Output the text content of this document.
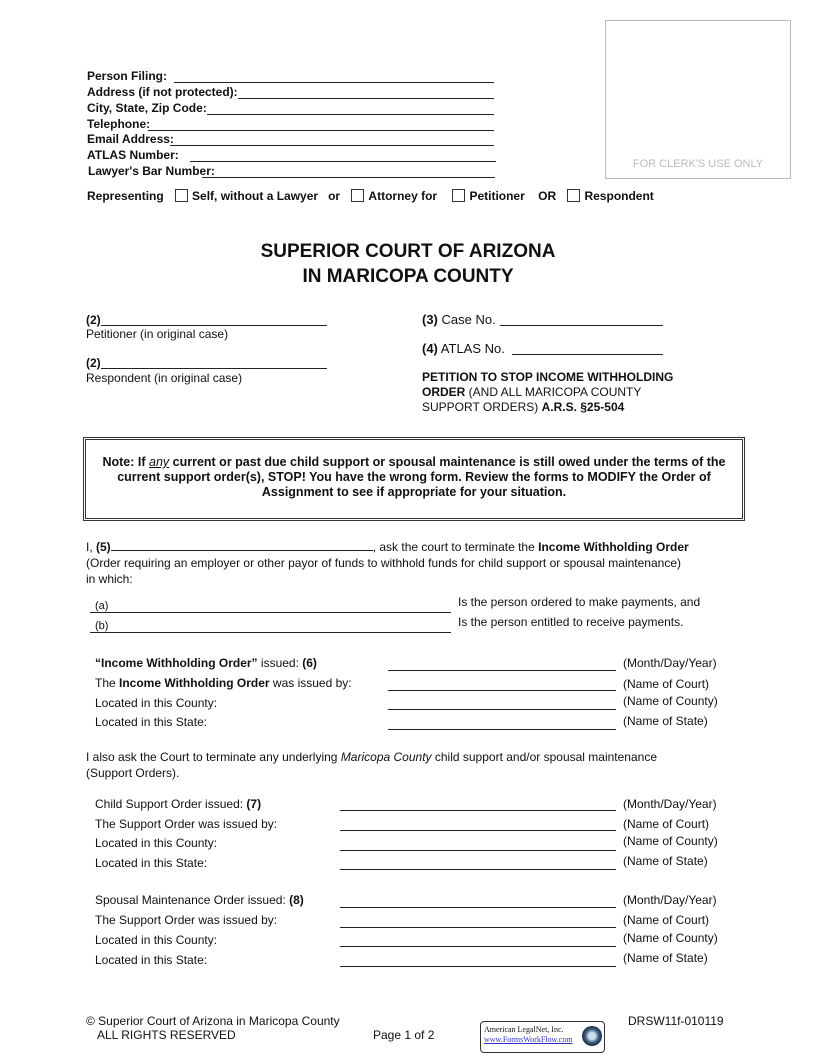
Person Filing:
Address (if not protected):
City, State, Zip Code:
Telephone:
Email Address:
ATLAS Number:
Lawyer's Bar Number:
Representing Self, without a Lawyer or Attorney for	Petitioner OR Respondent
FOR CLERK'S USE ONLY
SUPERIOR COURT OF ARIZONA
IN MARICOPA COUNTY
(2)
Petitioner (in original case)
(2)
Respondent (in original case)
(3) Case No.
(4) ATLAS No.
PETITION TO STOP INCOME WITHHOLDING
ORDER (AND ALL MARICOPA COUNTY
SUPPORT ORDERS) A.R.S. §25-504

Note: If any current or past due child support or spousal maintenance is still owed under the terms of the current support order(s), STOP! You have the wrong form. Review the forms to MODIFY the Order of Assignment to see if appropriate for your situation.

I, (5)	, ask the court to terminate the Income Withholding Order
(Order requiring an employer or other payor of funds to withhold funds for child support or spousal maintenance)
in which:
(a)	Is the person ordered to make payments, and
(b)	Is the person entitled to receive payments.
“Income Withholding Order” issued: (6)	(Month/Day/Year)
The Income Withholding Order was issued by:	(Name of Court)
Located in this County:	(Name of County)
Located in this State:	(Name of State)
I also ask the Court to terminate any underlying Maricopa County child support and/or spousal maintenance
(Support Orders).
Child Support Order issued: (7)	(Month/Day/Year)
The Support Order was issued by:	(Name of Court)
Located in this County:	(Name of County)
Located in this State:	(Name of State)
Spousal Maintenance Order issued: (8)	(Month/Day/Year)
The Support Order was issued by:	(Name of Court)
Located in this County:	(Name of County)
Located in this State:	(Name of State)
© Superior Court of Arizona in Maricopa County
ALL RIGHTS RESERVED	Page 1 of 2	American LegalNet, Inc.
www.FormsWorkFlow.com
DRSW11f-010119
